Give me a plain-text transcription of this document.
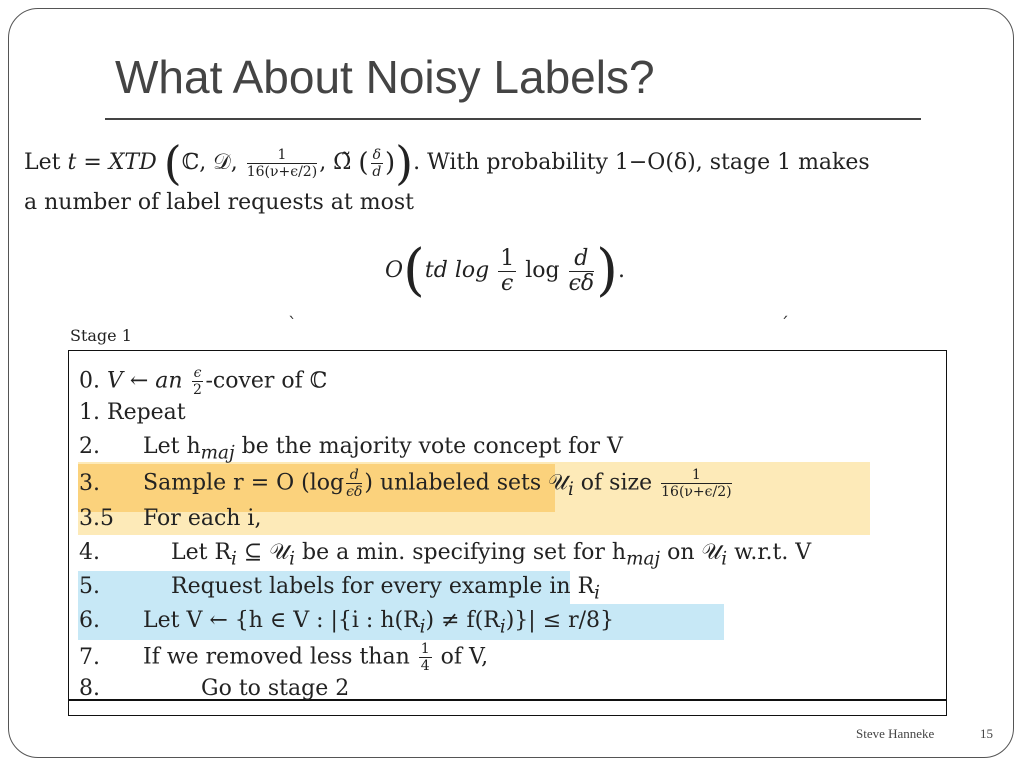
What About Noisy Labels?
Let t = XTD (ℂ, 𝒟, $\frac{1}{16(\nu+\epsilon/2)}$ , Ω̃ ( $\frac{\delta}{d}$ )). With probability 1−O(δ), stage 1 makes
a number of label requests at most
O(td $\log \frac{1}{\epsilon}$ $\log \frac{d}{\epsilon\delta}$ ).
ˋ	ˊ
Stage 1
0. V ← an $\frac{\epsilon}{2}$ -cover of ℂ
1. Repeat
2. Let $h_{maj}$ be the majority vote concept for V
3. Sample r = O ($\log \frac{d}{\epsilon\delta}$ ) unlabeled sets 𝒰$_i$ of size $\frac{1}{16(\nu+\epsilon/2)}$
3.5 For each i,
4.	Let $R_i$ ⊆ 𝒰$_i$ be a min. specifying set for $h_{maj}$ on 𝒰$_i$ w.r.t. V
5.	Request labels for every example in $R_i$
6. Let V ← {h ∈ V : |{i : $h(R_i) \ne f(R_i)\}| \le r/8$}
7. If we removed less than $\frac{1}{4}$ of V,
8.	Go to stage 2
Steve Hanneke	15
